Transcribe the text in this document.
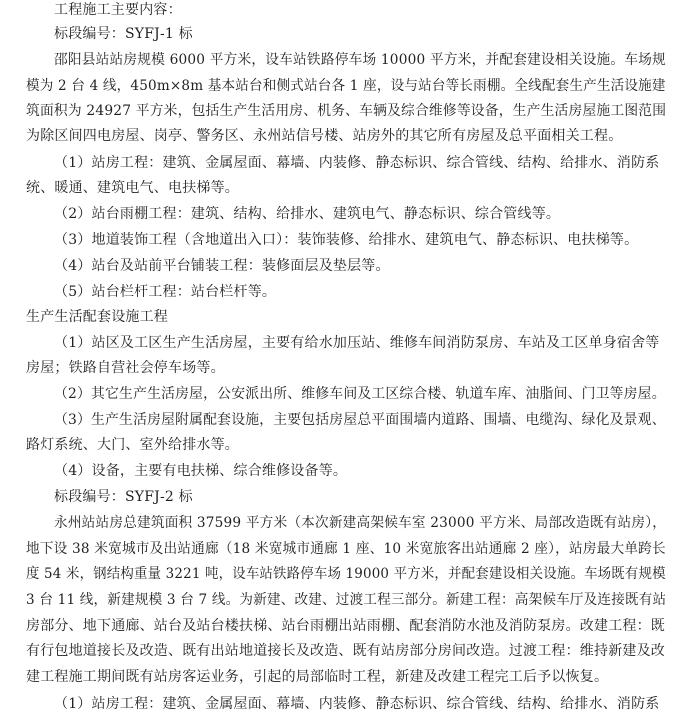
工程施工主要内容：
标段编号：SYFJ-1 标
邵阳县站站房规模 6000 平方米，设车站铁路停车场 10000 平方米，并配套建设相关设施。车场规
模为 2 台 4 线，450m×8m 基本站台和侧式站台各 1 座，设与站台等长雨棚。全线配套生产生活设施建
筑面积为 24927 平方米，包括生产生活用房、机务、车辆及综合维修等设备，生产生活房屋施工图范围
为除区间四电房屋、岗亭、警务区、永州站信号楼、站房外的其它所有房屋及总平面相关工程。
（1）站房工程：建筑、金属屋面、幕墙、内装修、静态标识、综合管线、结构、给排水、消防系
统、暖通、建筑电气、电扶梯等。
（2）站台雨棚工程：建筑、结构、给排水、建筑电气、静态标识、综合管线等。
（3）地道装饰工程（含地道出入口）：装饰装修、给排水、建筑电气、静态标识、电扶梯等。
（4）站台及站前平台铺装工程：装修面层及垫层等。
（5）站台栏杆工程：站台栏杆等。
生产生活配套设施工程
（1）站区及工区生产生活房屋，主要有给水加压站、维修车间消防泵房、车站及工区单身宿舍等
房屋；铁路自营社会停车场等。
（2）其它生产生活房屋，公安派出所、维修车间及工区综合楼、轨道车库、油脂间、门卫等房屋。
（3）生产生活房屋附属配套设施，主要包括房屋总平面围墙内道路、围墙、电缆沟、绿化及景观、
路灯系统、大门、室外给排水等。
（4）设备，主要有电扶梯、综合维修设备等。
标段编号：SYFJ-2 标
永州站站房总建筑面积 37599 平方米（本次新建高架候车室 23000 平方米、局部改造既有站房），
地下设 38 米宽城市及出站通廊（18 米宽城市通廊 1 座、10 米宽旅客出站通廊 2 座），站房最大单跨长
度 54 米，钢结构重量 3221 吨，设车站铁路停车场 19000 平方米，并配套建设相关设施。车场既有规模
3 台 11 线，新建规模 3 台 7 线。为新建、改建、过渡工程三部分。新建工程：高架候车厅及连接既有站
房部分、地下通廊、站台及站台楼扶梯、站台雨棚出站雨棚、配套消防水池及消防泵房。改建工程：既
有行包地道接长及改造、既有出站地道接长及改造、既有站房部分房间改造。过渡工程：维持新建及改
建工程施工期间既有站房客运业务，引起的局部临时工程，新建及改建工程完工后予以恢复。
（1）站房工程：建筑、金属屋面、幕墙、内装修、静态标识、综合管线、结构、给排水、消防系
